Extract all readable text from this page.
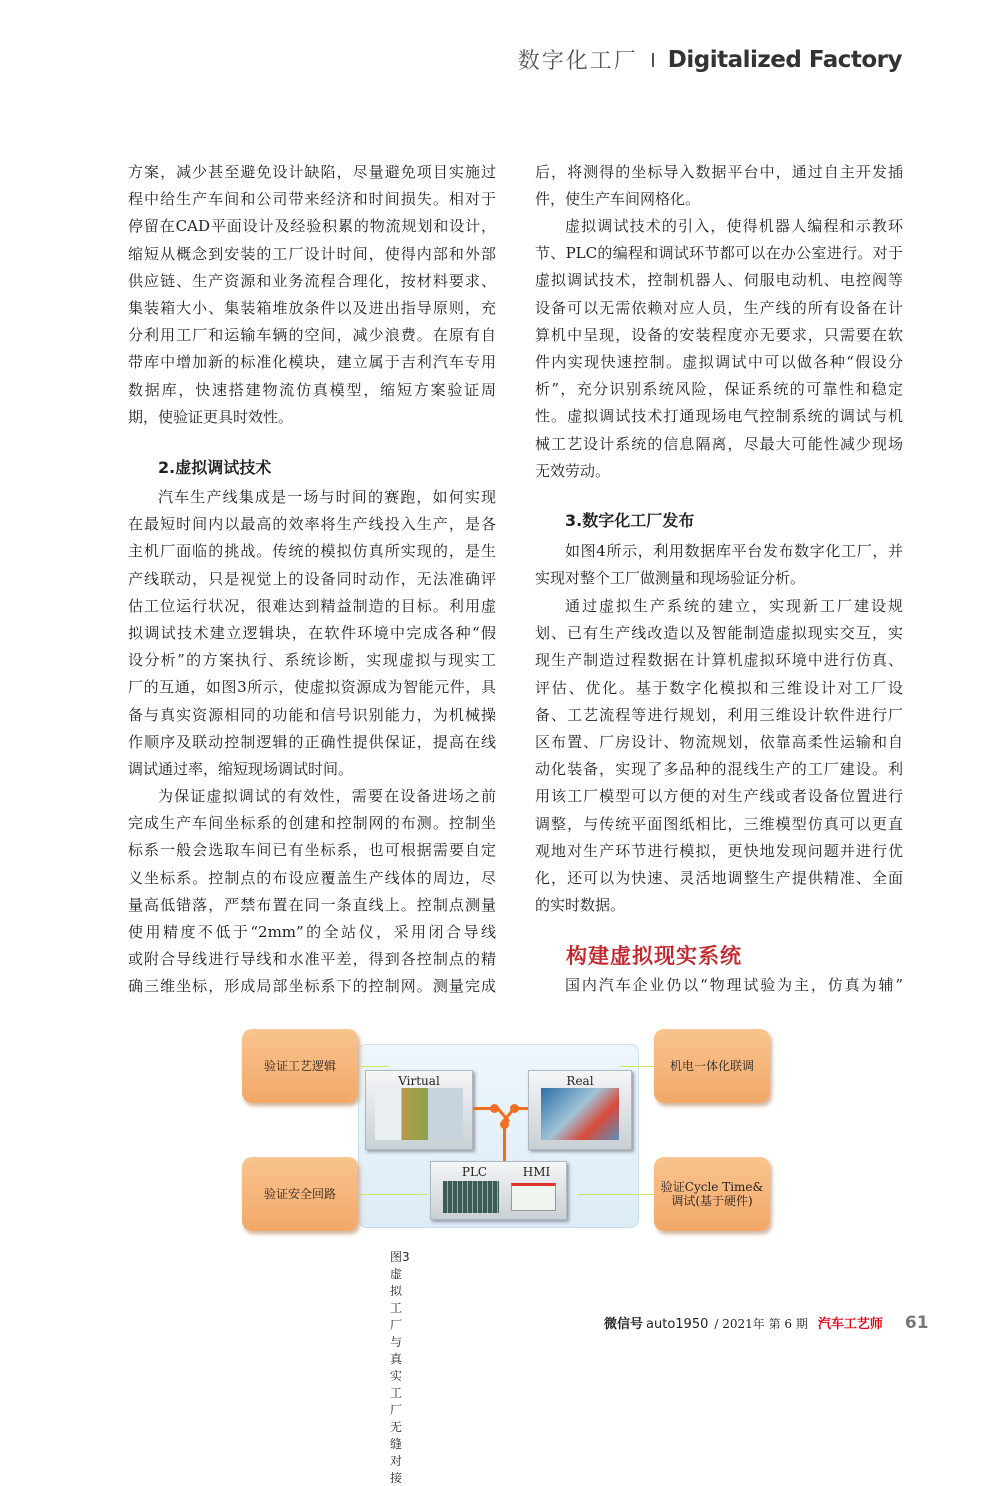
数字化工厂 Digitalized Factory
方案，减少甚至避免设计缺陷，尽量避免项目实施过
程中给生产车间和公司带来经济和时间损失。相对于
停留在CAD平面设计及经验积累的物流规划和设计，
缩短从概念到安装的工厂设计时间，使得内部和外部
供应链、生产资源和业务流程合理化，按材料要求、
集装箱大小、集装箱堆放条件以及进出指导原则，充
分利用工厂和运输车辆的空间，减少浪费。在原有自
带库中增加新的标准化模块，建立属于吉利汽车专用
数据库，快速搭建物流仿真模型，缩短方案验证周
期，使验证更具时效性。
2.虚拟调试技术
汽车生产线集成是一场与时间的赛跑，如何实现
在最短时间内以最高的效率将生产线投入生产，是各
主机厂面临的挑战。传统的模拟仿真所实现的，是生
产线联动，只是视觉上的设备同时动作，无法准确评
估工位运行状况，很难达到精益制造的目标。利用虚
拟调试技术建立逻辑块，在软件环境中完成各种“假
设分析”的方案执行、系统诊断，实现虚拟与现实工
厂的互通，如图3所示，使虚拟资源成为智能元件，具
备与真实资源相同的功能和信号识别能力，为机械操
作顺序及联动控制逻辑的正确性提供保证，提高在线
调试通过率，缩短现场调试时间。
为保证虚拟调试的有效性，需要在设备进场之前
完成生产车间坐标系的创建和控制网的布测。控制坐
标系一般会选取车间已有坐标系，也可根据需要自定
义坐标系。控制点的布设应覆盖生产线体的周边，尽
量高低错落，严禁布置在同一条直线上。控制点测量
使用精度不低于“2mm”的全站仪，采用闭合导线
或附合导线进行导线和水准平差，得到各控制点的精
确三维坐标，形成局部坐标系下的控制网。测量完成
后，将测得的坐标导入数据平台中，通过自主开发插
件，使生产车间网格化。
虚拟调试技术的引入，使得机器人编程和示教环
节、PLC的编程和调试环节都可以在办公室进行。对于
虚拟调试技术，控制机器人、伺服电动机、电控阀等
设备可以无需依赖对应人员，生产线的所有设备在计
算机中呈现，设备的安装程度亦无要求，只需要在软
件内实现快速控制。虚拟调试中可以做各种“假设分
析”，充分识别系统风险，保证系统的可靠性和稳定
性。虚拟调试技术打通现场电气控制系统的调试与机
械工艺设计系统的信息隔离，尽最大可能性减少现场
无效劳动。
3.数字化工厂发布
如图4所示，利用数据库平台发布数字化工厂，并
实现对整个工厂做测量和现场验证分析。
通过虚拟生产系统的建立，实现新工厂建设规
划、已有生产线改造以及智能制造虚拟现实交互，实
现生产制造过程数据在计算机虚拟环境中进行仿真、
评估、优化。基于数字化模拟和三维设计对工厂设
备、工艺流程等进行规划，利用三维设计软件进行厂
区布置、厂房设计、物流规划，依靠高柔性运输和自
动化装备，实现了多品种的混线生产的工厂建设。利
用该工厂模型可以方便的对生产线或者设备位置进行
调整，与传统平面图纸相比，三维模型仿真可以更直
观地对生产环节进行模拟，更快地发现问题并进行优
化，还可以为快速、灵活地调整生产提供精准、全面
的实时数据。
构建虚拟现实系统
国内汽车企业仍以“物理试验为主，仿真为辅”
验证工艺逻辑	机电一体化联调
验证安全回路	验证Cycle Time&
调试(基于硬件)
Virtual	Real
PLC	HMI
图3　虚拟工厂与真实工厂无缝对接
微信号 auto1950 / 2021年 第 6 期 汽车工艺师 61
